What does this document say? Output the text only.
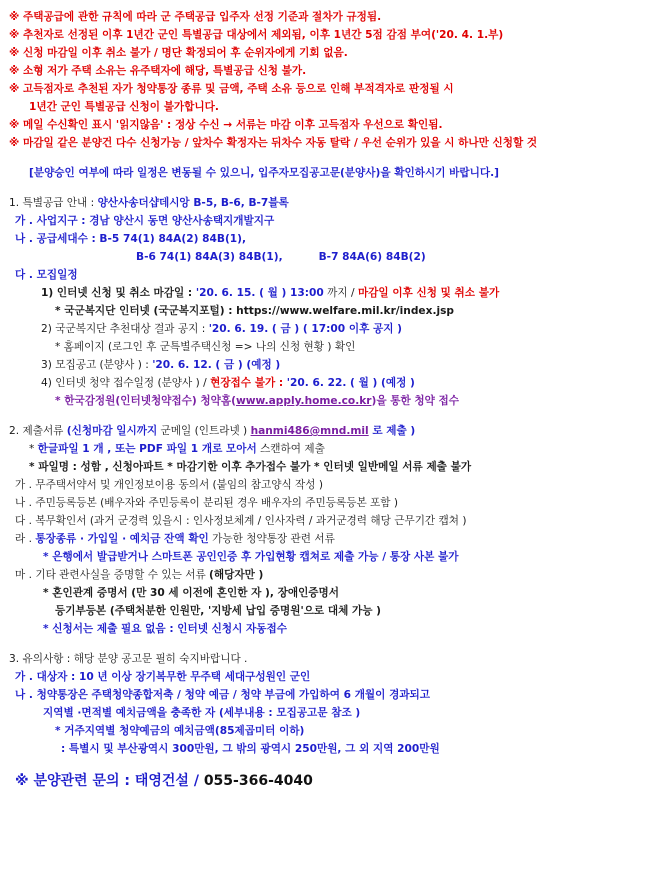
※ 주택공급에 관한 규칙에 따라 군 주택공급 입주자 선정 기준과 절차가 규정됨.
※ 추천자로 선정된 이후 1년간 군인 특별공급 대상에서 제외됨, 이후 1년간 5점 감점 부여('20. 4. 1.부)
※ 신청 마감일 이후 취소 불가 / 명단 확정되어 후 순위자에게 기회 없음.
※ 소형 저가 주택 소유는 유주택자에 해당, 특별공급 신청 불가.
※ 고득점자로 추천된 자가 청약통장 종류 및 금액, 주택 소유 등으로 인해 부적격자로 판정될 시
1년간 군인 특별공급 신청이 불가합니다.
※ 메일 수신확인 표시 '읽지않음' : 정상 수신 → 서류는 마감 이후 고득점자 우선으로 확인됨.
※ 마감일 같은 분양건 다수 신청가능 / 앞차수 확정자는 뒤차수 자동 탈락 / 우선 순위가 있을 시 하나만 신청할 것
[분양승인 여부에 따라 일정은 변동될 수 있으니, 입주자모집공고문(분양사)을 확인하시기 바랍니다.]
1. 특별공급 안내 : 양산사송더샵데시앙 B-5, B-6, B-7블록
가 . 사업지구 : 경남 양산시 동면 양산사송택지개발지구
나 . 공급세대수 : B-5 74(1) 84A(2) 84B(1),
B-6 74(1) 84A(3) 84B(1),	B-7 84A(6) 84B(2)
다 . 모집일정
1) 인터넷 신청 및 취소 마감일 : '20. 6. 15. ( 월 ) 13:00 까지 / 마감일 이후 신청 및 취소 불가
* 국군복지단 인터넷 (국군복지포털) : https://www.welfare.mil.kr/index.jsp
2) 국군복지단 추천대상 결과 공지 : '20. 6. 19. ( 금 ) ( 17:00 이후 공지 )
* 홈페이지 (로그인 후 군특별주택신청 => 나의 신청 현황 ) 확인
3) 모집공고 (분양사 ) : '20. 6. 12. ( 금 ) (예정 )
4) 인터넷 청약 접수일정 (분양사 ) / 현장접수 불가 : '20. 6. 22. ( 월 ) (예정 )
* 한국감정원(인터넷청약접수) 청약홈(www.apply.home.co.kr)을 통한 청약 접수
2. 제출서류 (신청마감 일시까지 군메일 (인트라넷 ) hanmi486@mnd.mil 로 제출 )
* 한글파일 1 개 , 또는 PDF 파일 1 개로 모아서 스캔하여 제출
* 파일명 : 성함 , 신청아파트 * 마감기한 이후 추가접수 불가 * 인터넷 일반메일 서류 제출 불가
가 . 무주택서약서 및 개인정보이용 동의서 (붙임의 참고양식 작성 )
나 . 주민등록등본 (배우자와 주민등록이 분리된 경우 배우자의 주민등록등본 포함 )
다 . 복무확인서 (과거 군경력 있을시 : 인사정보체계 / 인사자력 / 과거군경력 해당 근무기간 캡쳐 )
라 . 통장종류 · 가입일 · 예치금 잔액 확인 가능한 청약통장 관련 서류
* 은행에서 발급받거나 스마트폰 공인인증 후 가입현황 캡쳐로 제출 가능 / 통장 사본 불가
마 . 기타 관련사실을 증명할 수 있는 서류 (해당자만 )
* 혼인관계 증명서 (만 30 세 이전에 혼인한 자 ), 장애인증명서
등기부등본 (주택처분한 인원만, '지방세 납입 증명원'으로 대체 가능 )
* 신청서는 제출 필요 없음 : 인터넷 신청시 자동접수
3. 유의사항 : 해당 분양 공고문 필히 숙지바랍니다 .
가 . 대상자 : 10 년 이상 장기복무한 무주택 세대구성원인 군인
나 . 청약통장은 주택청약종합저축 / 청약 예금 / 청약 부금에 가입하여 6 개월이 경과되고
지역별 ·면적별 예치금액을 충족한 자 (세부내용 : 모집공고문 참조 )
* 거주지역별 청약예금의 예치금액(85제곱미터 이하)
: 특별시 및 부산광역시 300만원, 그 밖의 광역시 250만원, 그 외 지역 200만원
※ 분양관련 문의 : 태영건설 / 055-366-4040
